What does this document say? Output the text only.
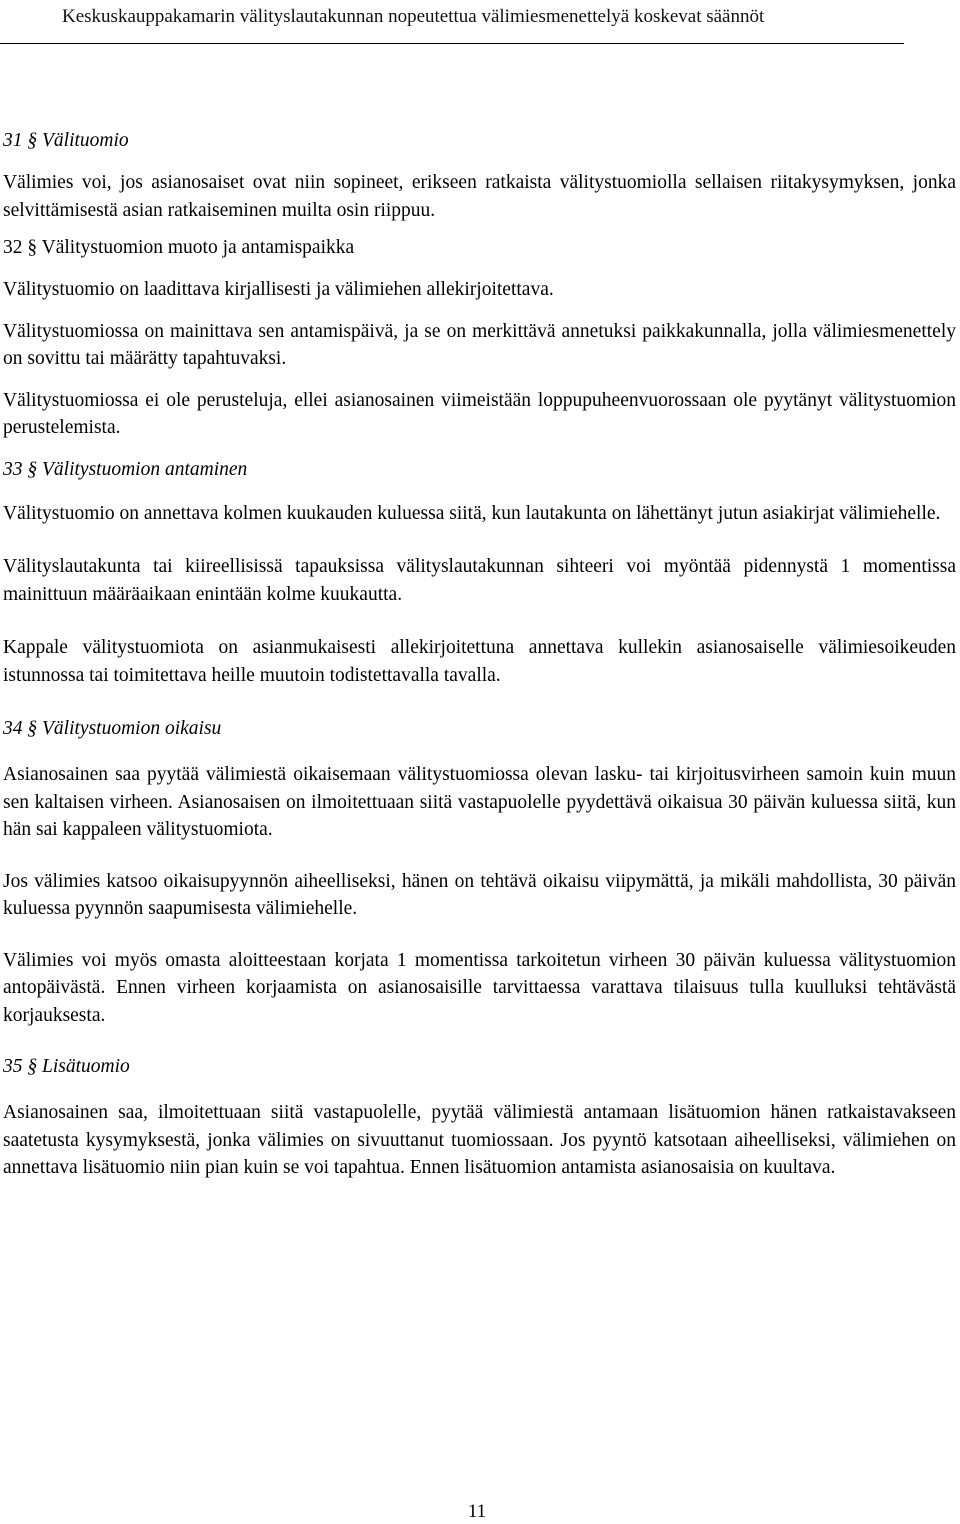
Keskuskauppakamarin välityslautakunnan nopeutettua välimiesmenettelyä koskevat säännöt
31 § Välituomio

Välimies voi, jos asianosaiset ovat niin sopineet, erikseen ratkaista välitystuomiolla sellaisen riitakysymyksen, jonka selvittämisestä asian ratkaiseminen muilta osin riippuu.

32 § Välitystuomion muoto ja antamispaikka

Välitystuomio on laadittava kirjallisesti ja välimiehen allekirjoitettava.

Välitystuomiossa on mainittava sen antamispäivä, ja se on merkittävä annetuksi paikkakunnalla, jolla välimiesmenettely on sovittu tai määrätty tapahtuvaksi.

Välitystuomiossa ei ole perusteluja, ellei asianosainen viimeistään loppupuheenvuorossaan ole pyytänyt välitystuomion perustelemista.

33 § Välitystuomion antaminen

Välitystuomio on annettava kolmen kuukauden kuluessa siitä, kun lautakunta on lähettänyt jutun asiakirjat välimiehelle.

Välityslautakunta tai kiireellisissä tapauksissa välityslautakunnan sihteeri voi myöntää pidennystä 1 momentissa mainittuun määräaikaan enintään kolme kuukautta.

Kappale välitystuomiota on asianmukaisesti allekirjoitettuna annettava kullekin asianosaiselle välimiesoikeuden istunnossa tai toimitettava heille muutoin todistettavalla tavalla.

34 § Välitystuomion oikaisu

Asianosainen saa pyytää välimiestä oikaisemaan välitystuomiossa olevan lasku- tai kirjoitusvirheen samoin kuin muun sen kaltaisen virheen. Asianosaisen on ilmoitettuaan siitä vastapuolelle pyydettävä oikaisua 30 päivän kuluessa siitä, kun hän sai kappaleen välitystuomiota.

Jos välimies katsoo oikaisupyynnön aiheelliseksi, hänen on tehtävä oikaisu viipymättä, ja mikäli mahdollista, 30 päivän kuluessa pyynnön saapumisesta välimiehelle.

Välimies voi myös omasta aloitteestaan korjata 1 momentissa tarkoitetun virheen 30 päivän kuluessa välitystuomion antopäivästä. Ennen virheen korjaamista on asianosaisille tarvittaessa varattava tilaisuus tulla kuulluksi tehtävästä korjauksesta.

35 § Lisätuomio

Asianosainen saa, ilmoitettuaan siitä vastapuolelle, pyytää välimiestä antamaan lisätuomion hänen ratkaistavakseen saatetusta kysymyksestä, jonka välimies on sivuuttanut tuomiossaan. Jos pyyntö katsotaan aiheelliseksi, välimiehen on annettava lisätuomio niin pian kuin se voi tapahtua. Ennen lisätuomion antamista asianosaisia on kuultava.

11
